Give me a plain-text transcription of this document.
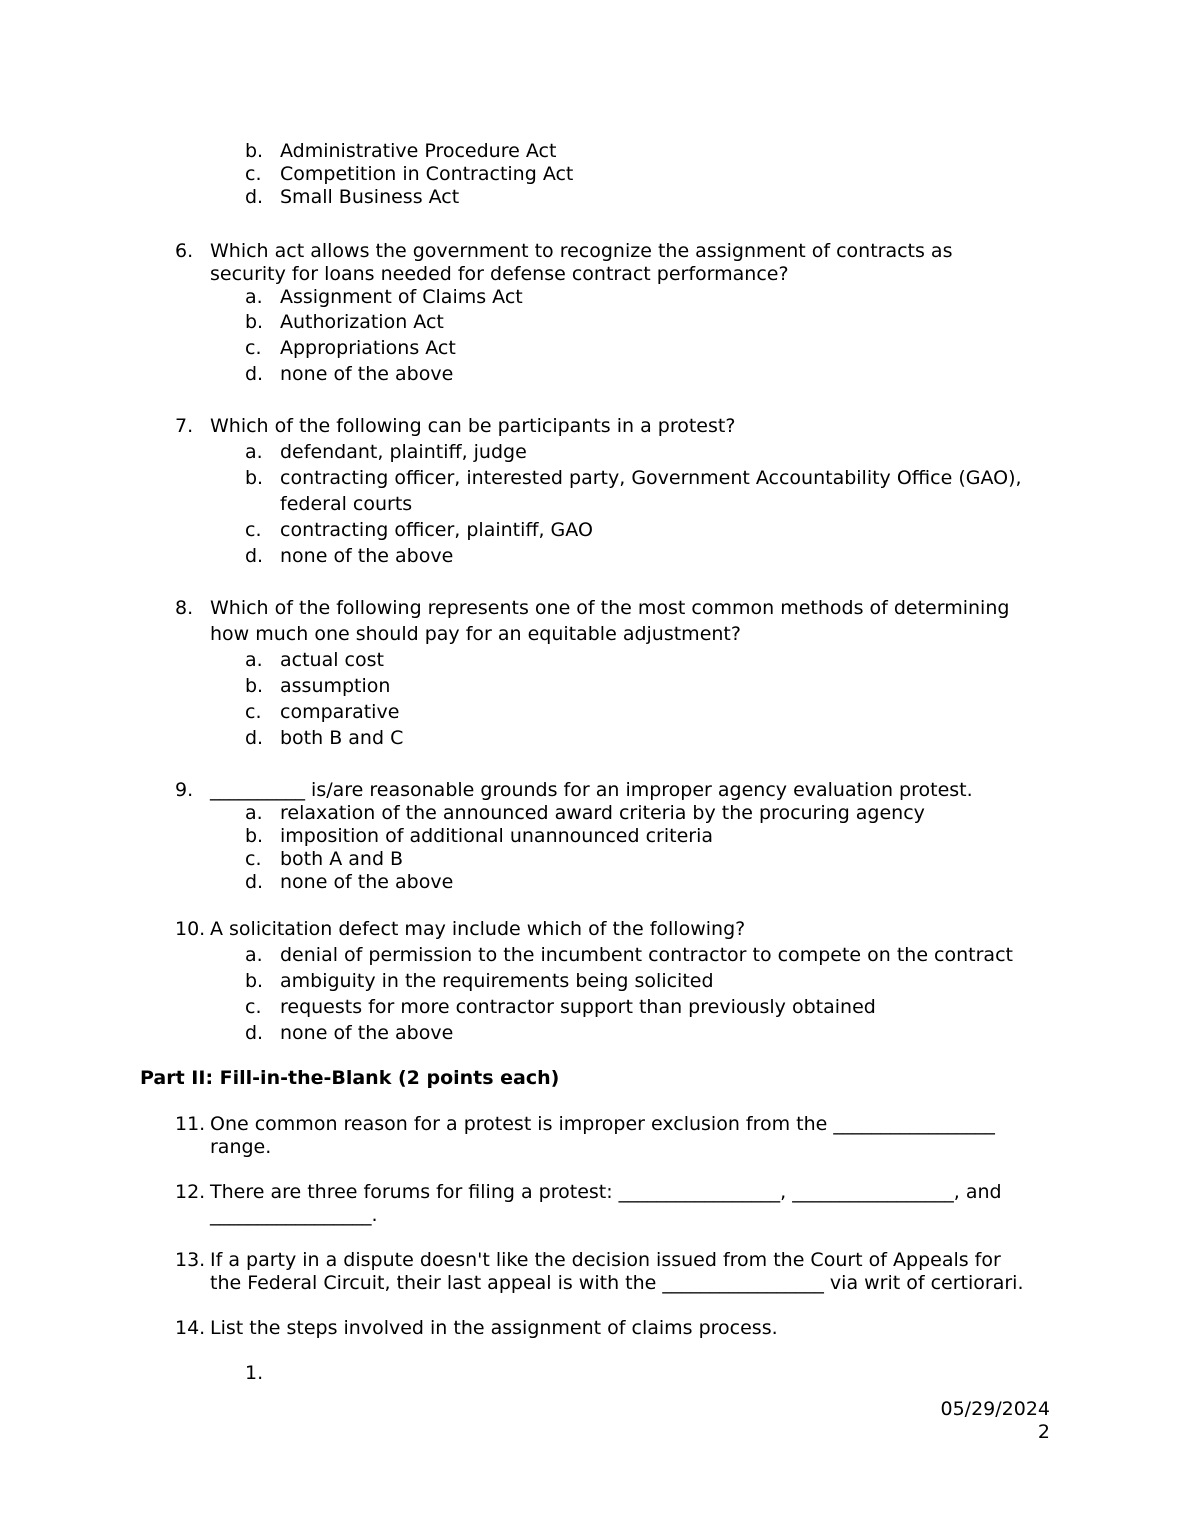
b. Administrative Procedure Act
c. Competition in Contracting Act
d. Small Business Act
6. Which act allows the government to recognize the assignment of contracts as
security for loans needed for defense contract performance?
a. Assignment of Claims Act
b. Authorization Act
c. Appropriations Act
d. none of the above
7. Which of the following can be participants in a protest?
a. defendant, plaintiff, judge
b. contracting officer, interested party, Government Accountability Office (GAO),
federal courts
c. contracting officer, plaintiff, GAO
d. none of the above
8. Which of the following represents one of the most common methods of determining
how much one should pay for an equitable adjustment?
a. actual cost
b. assumption
c. comparative
d. both B and C
9. __________ is/are reasonable grounds for an improper agency evaluation protest.
a. relaxation of the announced award criteria by the procuring agency
b. imposition of additional unannounced criteria
c. both A and B
d. none of the above
10. A solicitation defect may include which of the following?
a. denial of permission to the incumbent contractor to compete on the contract
b. ambiguity in the requirements being solicited
c. requests for more contractor support than previously obtained
d. none of the above
Part II: Fill-in-the-Blank (2 points each)
11. One common reason for a protest is improper exclusion from the _________________
range.
12. There are three forums for filing a protest: _________________, _________________, and
_________________.
13. If a party in a dispute doesn't like the decision issued from the Court of Appeals for
the Federal Circuit, their last appeal is with the _________________ via writ of certiorari.
14. List the steps involved in the assignment of claims process.
1.
05/29/2024
2
